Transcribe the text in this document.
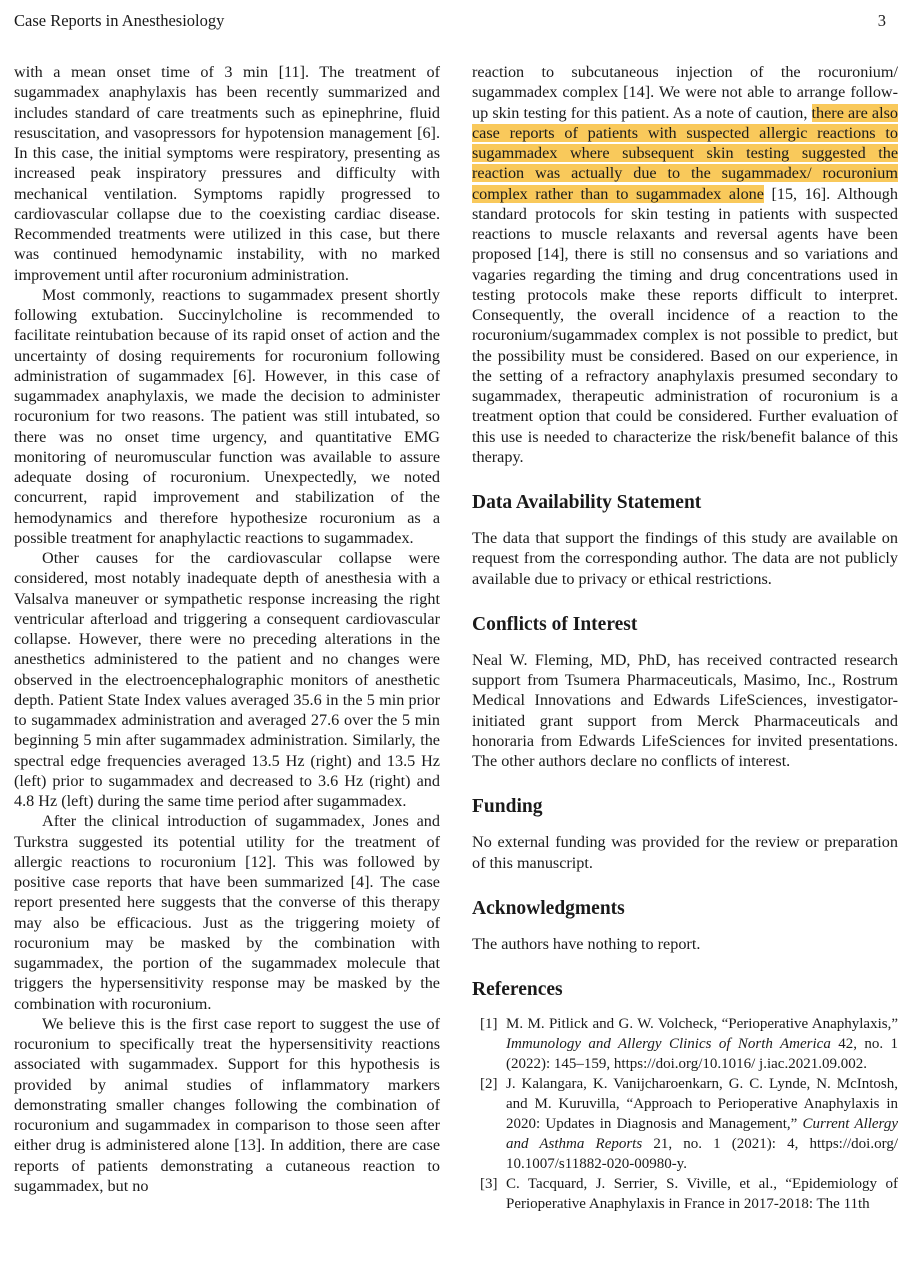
Case Reports in Anesthesiology	3

with a mean onset time of 3 min [11]. The treatment of sugammadex anaphylaxis has been recently summarized and includes standard of care treatments such as epinephrine, fluid resuscitation, and vasopressors for hypotension management [6]. In this case, the initial symptoms were respiratory, presenting as increased peak inspiratory pressures and difficulty with mechanical ventilation. Symptoms rapidly progressed to cardiovascular collapse due to the coexisting cardiac disease. Recommended treatments were utilized in this case, but there was continued hemodynamic instability, with no marked improvement until after rocuronium administration.

Most commonly, reactions to sugammadex present shortly following extubation. Succinylcholine is recommended to facilitate reintubation because of its rapid onset of action and the uncertainty of dosing requirements for rocuronium following administration of sugammadex [6]. However, in this case of sugammadex anaphylaxis, we made the decision to administer rocuronium for two reasons. The patient was still intubated, so there was no onset time urgency, and quantitative EMG monitoring of neuromuscular function was available to assure adequate dosing of rocuronium. Unexpectedly, we noted concurrent, rapid improvement and stabilization of the hemodynamics and therefore hypothesize rocuronium as a possible treatment for anaphylactic reactions to sugammadex.

Other causes for the cardiovascular collapse were considered, most notably inadequate depth of anesthesia with a Valsalva maneuver or sympathetic response increasing the right ventricular afterload and triggering a consequent cardiovascular collapse. However, there were no preceding alterations in the anesthetics administered to the patient and no changes were observed in the electroencephalographic monitors of anesthetic depth. Patient State Index values averaged 35.6 in the 5 min prior to sugammadex administration and averaged 27.6 over the 5 min beginning 5 min after sugammadex administration. Similarly, the spectral edge frequencies averaged 13.5 Hz (right) and 13.5 Hz (left) prior to sugammadex and decreased to 3.6 Hz (right) and 4.8 Hz (left) during the same time period after sugammadex.

After the clinical introduction of sugammadex, Jones and Turkstra suggested its potential utility for the treatment of allergic reactions to rocuronium [12]. This was followed by positive case reports that have been summarized [4]. The case report presented here suggests that the converse of this therapy may also be efficacious. Just as the triggering moiety of rocuronium may be masked by the combination with sugammadex, the portion of the sugammadex molecule that triggers the hypersensitivity response may be masked by the combination with rocuronium.

We believe this is the first case report to suggest the use of rocuronium to specifically treat the hypersensitivity reactions associated with sugammadex. Support for this hypothesis is provided by animal studies of inflammatory markers demonstrating smaller changes following the combination of rocuronium and sugammadex in comparison to those seen after either drug is administered alone [13]. In addition, there are case reports of patients demonstrating a cutaneous reaction to sugammadex, but no

reaction to subcutaneous injection of the rocuronium/ sugammadex complex [14]. We were not able to arrange follow-up skin testing for this patient. As a note of caution, there are also case reports of patients with suspected allergic reactions to sugammadex where subsequent skin testing suggested the reaction was actually due to the sugammadex/ rocuronium complex rather than to sugammadex alone [15, 16]. Although standard protocols for skin testing in patients with suspected reactions to muscle relaxants and reversal agents have been proposed [14], there is still no consensus and so variations and vagaries regarding the timing and drug concentrations used in testing protocols make these reports difficult to interpret. Consequently, the overall incidence of a reaction to the rocuronium/sugammadex complex is not possible to predict, but the possibility must be considered. Based on our experience, in the setting of a refractory anaphylaxis presumed secondary to sugammadex, therapeutic administration of rocuronium is a treatment option that could be considered. Further evaluation of this use is needed to characterize the risk/benefit balance of this therapy.

Data Availability Statement

The data that support the findings of this study are available on request from the corresponding author. The data are not publicly available due to privacy or ethical restrictions.

Conflicts of Interest

Neal W. Fleming, MD, PhD, has received contracted research support from Tsumera Pharmaceuticals, Masimo, Inc., Rostrum Medical Innovations and Edwards LifeSciences, investigator-initiated grant support from Merck Pharmaceuticals and honoraria from Edwards LifeSciences for invited presentations. The other authors declare no conflicts of interest.

Funding

No external funding was provided for the review or preparation of this manuscript.

Acknowledgments

The authors have nothing to report.

References
[1] M. M. Pitlick and G. W. Volcheck, “Perioperative Anaphylaxis,” Immunology and Allergy Clinics of North America 42, no. 1 (2022): 145–159, https://doi.org/10.1016/ j.iac.2021.09.002.
[2] J. Kalangara, K. Vanijcharoenkarn, G. C. Lynde, N. McIntosh, and M. Kuruvilla, “Approach to Perioperative Anaphylaxis in 2020: Updates in Diagnosis and Management,” Current Allergy and Asthma Reports 21, no. 1 (2021): 4, https://doi.org/ 10.1007/s11882-020-00980-y.
[3] C. Tacquard, J. Serrier, S. Viville, et al., “Epidemiology of Perioperative Anaphylaxis in France in 2017-2018: The 11th
